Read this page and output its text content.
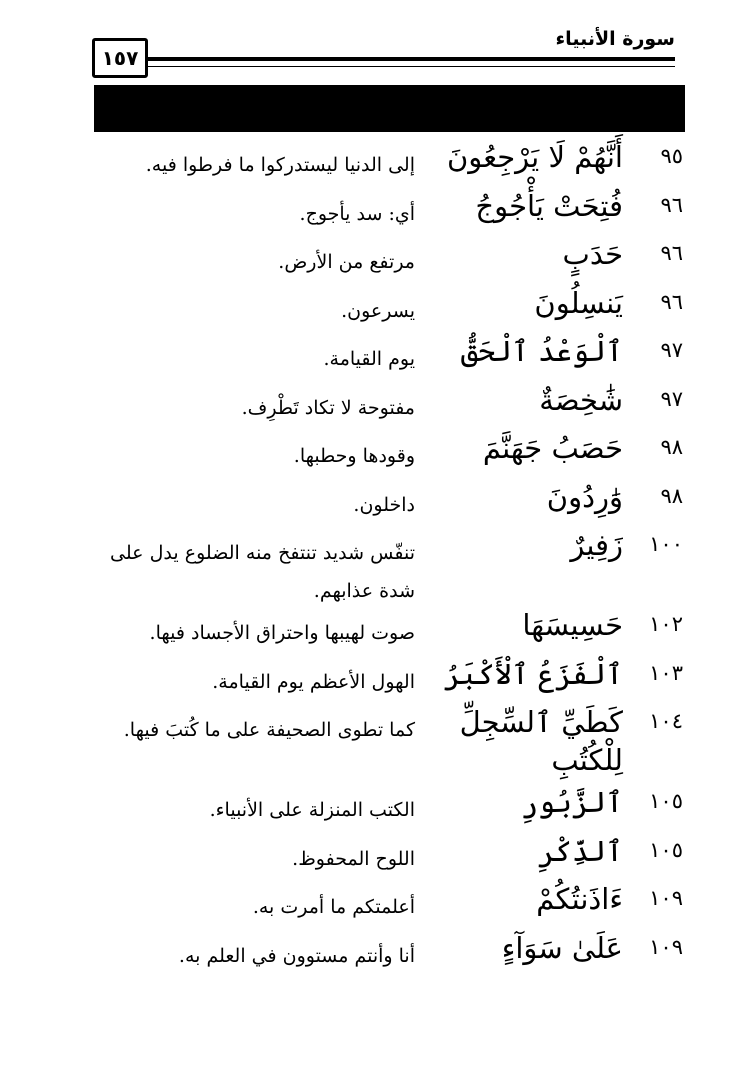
سورة الأنبياء
١٥٧
٩٥
أَنَّهُمْ لَا يَرْجِعُونَ
إلى الدنيا ليستدركوا ما فرطوا فيه.
٩٦
فُتِحَتْ يَأْجُوجُ
أي: سد يأجوج.
٩٦
حَدَبٍ
مرتفع من الأرض.
٩٦
يَنسِلُونَ
يسرعون.
٩٧
ٱلْوَعْدُ ٱلْحَقُّ
يوم القيامة.
٩٧
شَٰخِصَةٌ
مفتوحة لا تكاد تَطْرِف.
٩٨
حَصَبُ جَهَنَّمَ
وقودها وحطبها.
٩٨
وَٰرِدُونَ
داخلون.
١٠٠
زَفِيرٌ
تنفّس شديد تنتفخ منه الضلوع يدل على شدة عذابهم.
١٠٢
حَسِيسَهَا
صوت لهيبها واحتراق الأجساد فيها.
١٠٣
ٱلْفَزَعُ ٱلْأَكْبَرُ
الهول الأعظم يوم القيامة.
١٠٤
كَطَيِّ ٱلسِّجِلِّ لِلْكُتُبِ
كما تطوى الصحيفة على ما كُتبَ فيها.
١٠٥
ٱلزَّبُورِ
الكتب المنزلة على الأنبياء.
١٠٥
ٱلذِّكْرِ
اللوح المحفوظ.
١٠٩
ءَاذَنتُكُمْ
أعلمتكم ما أمرت به.
١٠٩
عَلَىٰ سَوَآءٍ
أنا وأنتم مستوون في العلم به.
